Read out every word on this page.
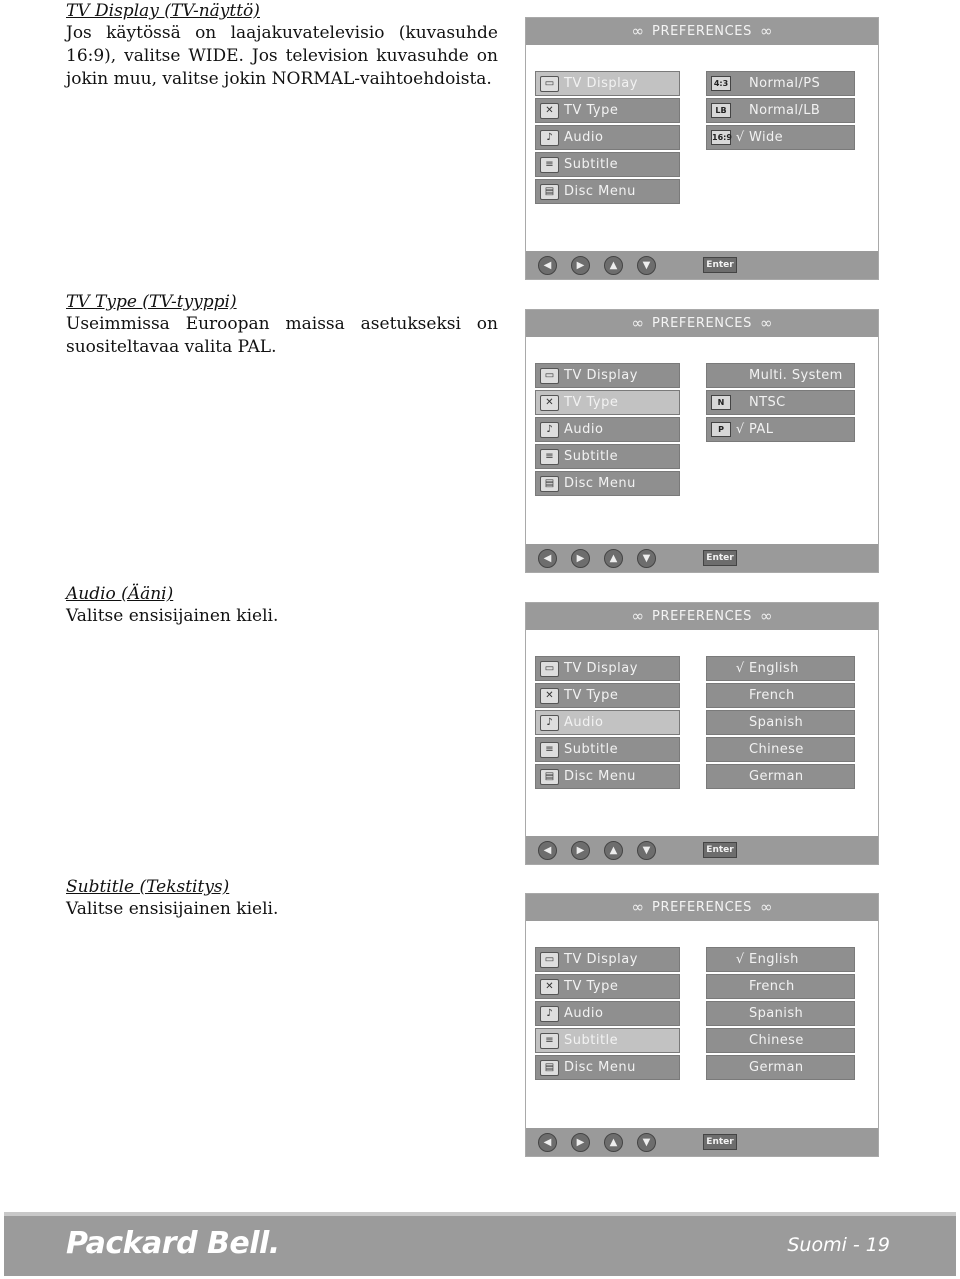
TV Display (TV-näyttö)

Jos käytössä on laajakuvatelevisio (kuvasuhde 16:9), valitse WIDE. Jos television kuvasuhde on jokin muu, valitse jokin NORMAL-vaihtoehdoista.

TV Type (TV-tyyppi)

Useimmissa Euroopan maissa asetukseksi on suositeltavaa valita PAL.

Audio (Ääni)

Valitse ensisijainen kieli.

Subtitle (Tekstitys)

Valitse ensisijainen kieli.

∞ PREFERENCES ∞
▭ TV Display
✕ TV Type
♪ Audio
≡ Subtitle
▤ Disc Menu
4:3 Normal/PS
LB	Normal/LB
16:9 √ Wide
◀	▶	▲	▼	Enter
∞ PREFERENCES ∞
▭ TV Display
✕ TV Type
♪ Audio
≡ Subtitle
▤ Disc Menu
Multi. System
N	NTSC
P √ PAL
◀	▶	▲	▼	Enter
∞ PREFERENCES ∞
▭ TV Display
✕ TV Type
♪ Audio
≡ Subtitle
▤ Disc Menu
√ English
French
Spanish
Chinese
German
◀	▶	▲	▼	Enter
∞ PREFERENCES ∞
▭ TV Display
✕ TV Type
♪ Audio
≡ Subtitle
▤ Disc Menu
√ English
French
Spanish
Chinese
German
◀	▶	▲	▼	Enter
Packard Bell.	Suomi - 19
